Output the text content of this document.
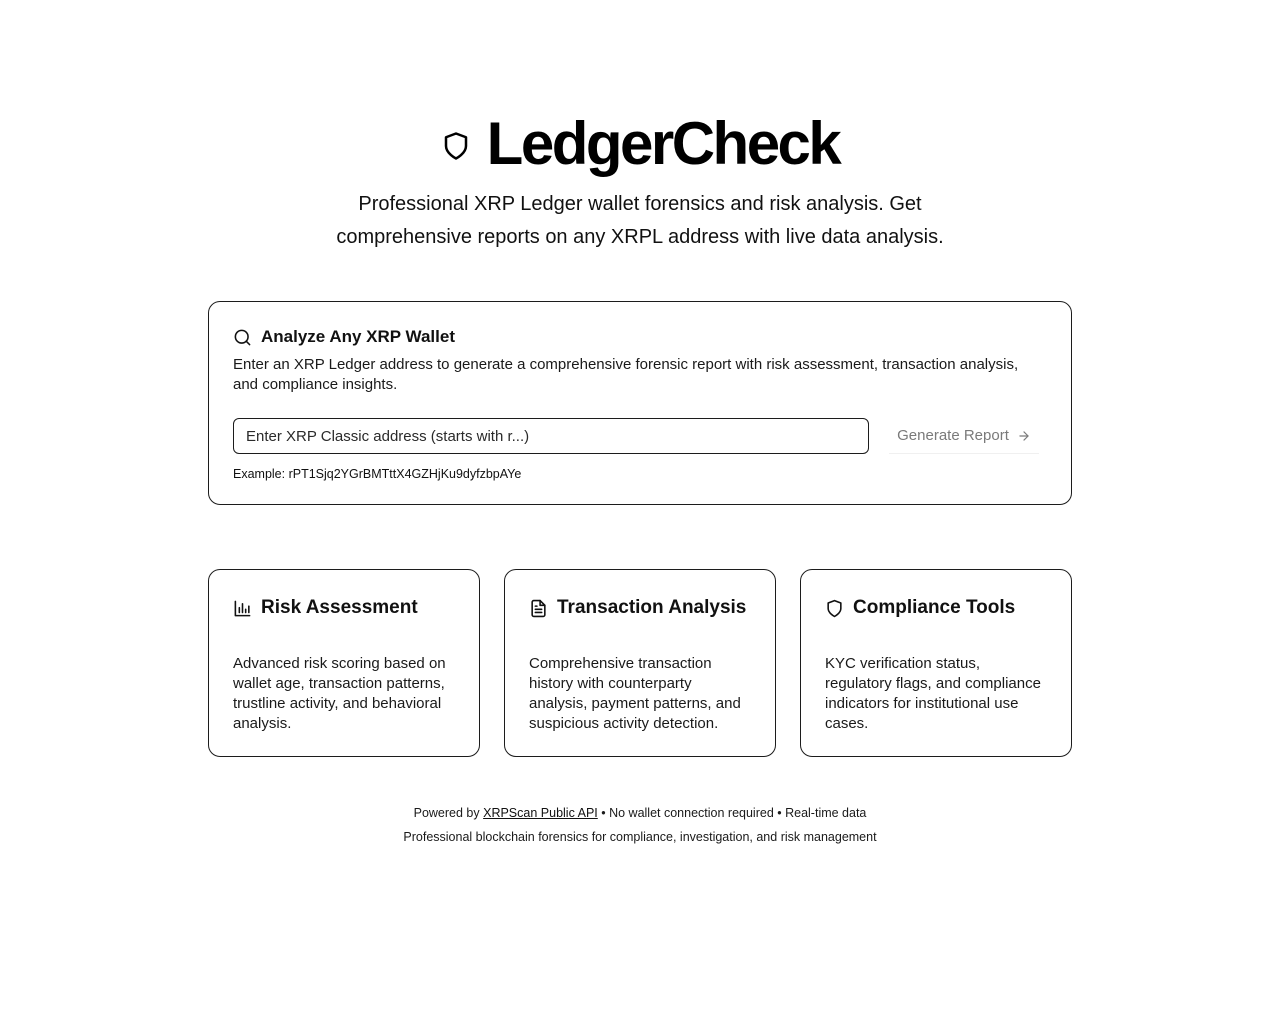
LedgerCheck

Professional XRP Ledger wallet forensics and risk analysis. Get comprehensive reports on any XRPL address with live data analysis.

Analyze Any XRP Wallet

Enter an XRP Ledger address to generate a comprehensive forensic report with risk assessment, transaction analysis, and compliance insights.

Enter XRP Classic address (starts with r...)
Generate Report

Example: rPT1Sjq2YGrBMTttX4GZHjKu9dyfzbpAYe

Risk Assessment

Advanced risk scoring based on wallet age, transaction patterns, trustline activity, and behavioral analysis.

Transaction Analysis

Comprehensive transaction history with counterparty analysis, payment patterns, and suspicious activity detection.

Compliance Tools

KYC verification status, regulatory flags, and compliance indicators for institutional use cases.

Powered by XRPScan Public API • No wallet connection required • Real-time data

Professional blockchain forensics for compliance, investigation, and risk management
